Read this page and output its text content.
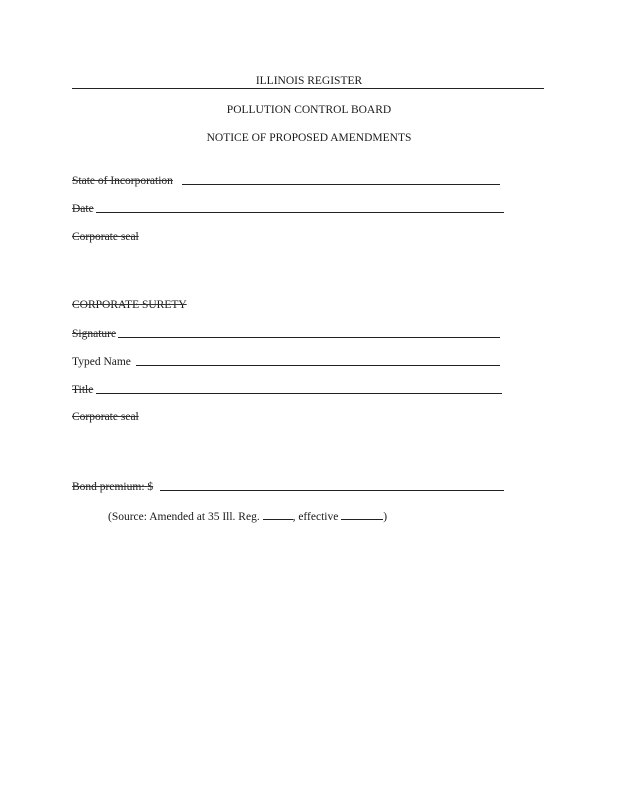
ILLINOIS REGISTER
POLLUTION CONTROL BOARD
NOTICE OF PROPOSED AMENDMENTS
State of Incorporation
Date
Corporate seal
CORPORATE SURETY
Signature
Typed Name
Title
Corporate seal
Bond premium: $
(Source: Amended at 35 Ill. Reg.	, effective	)
